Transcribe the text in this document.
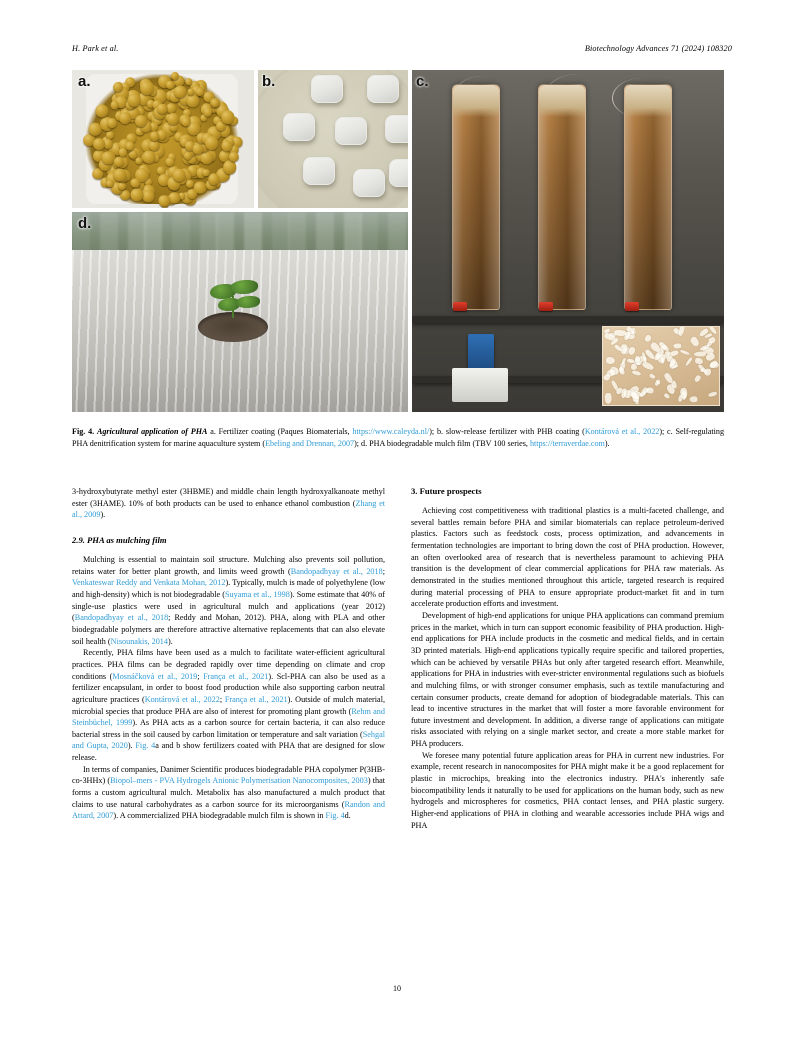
H. Park et al.	Biotechnology Advances 71 (2024) 108320
a.	b.	c.
d.
Fig. 4. Agricultural application of PHA a. Fertilizer coating (Paques Biomaterials, https://www.caleyda.nl/); b. slow-release fertilizer with PHB coating (Kontárová et al., 2022); c. Self-regulating PHA denitrification system for marine aquaculture system (Ebeling and Drennan, 2007); d. PHA biodegradable mulch film (TBV 100 series, https://terraverdae.com).

3-hydroxybutyrate methyl ester (3HBME) and middle chain length hydroxyalkanoate methyl ester (3HAME). 10% of both products can be used to enhance ethanol combustion (Zhang et al., 2009).

2.9. PHA as mulching film

Mulching is essential to maintain soil structure. Mulching also prevents soil pollution, retains water for better plant growth, and limits weed growth (Bandopadhyay et al., 2018; Venkateswar Reddy and Venkata Mohan, 2012). Typically, mulch is made of polyethylene (low and high-density) which is not biodegradable (Suyama et al., 1998). Some estimate that 40% of single-use plastics were used in agricultural mulch and applications (year 2012) (Bandopadhyay et al., 2018; Reddy and Mohan, 2012). PHA, along with PLA and other biodegradable polymers are therefore attractive alternative replacements that can also elevate soil health (Nisounakis, 2014).

Recently, PHA films have been used as a mulch to facilitate water-efficient agricultural practices. PHA films can be degraded rapidly over time depending on climate and crop conditions (Mosnáčková et al., 2019; França et al., 2021). Scl-PHA can also be used as a fertilizer encapsulant, in order to boost food production while also supporting carbon neutral agriculture practices (Kontárová et al., 2022; França et al., 2021). Outside of mulch material, microbial species that produce PHA are also of interest for promoting plant growth (Rehm and Steinbüchel, 1999). As PHA acts as a carbon source for certain bacteria, it can also reduce bacterial stress in the soil caused by carbon limitation or temperature and salt variation (Sehgal and Gupta, 2020). Fig. 4a and b show fertilizers coated with PHA that are designed for slow release.

In terms of companies, Danimer Scientific produces biodegradable PHA copolymer P(3HB-co-3HHx) (Biopol–mers - PVA Hydrogels Anionic Polymerisation Nanocomposites, 2003) that forms a custom agricultural mulch. Metabolix has also manufactured a mulch product that claims to use natural carbohydrates as a carbon source for its microorganisms (Randon and Attard, 2007). A commercialized PHA biodegradable mulch film is shown in Fig. 4d.

3. Future prospects

Achieving cost competitiveness with traditional plastics is a multi-faceted challenge, and several battles remain before PHA and similar biomaterials can replace petroleum-derived plastics. Factors such as feedstock costs, process optimization, and advancements in fermentation technologies are important to bring down the cost of PHA production. However, an often overlooked area of research that is nevertheless paramount to achieving PHA transition is the development of clear commercial applications for PHA raw materials. As demonstrated in the studies mentioned throughout this article, targeted research is required during material processing of PHA to ensure appropriate product-market fit and in turn accelerate production efforts and investment.

Development of high-end applications for unique PHA applications can command premium prices in the market, which in turn can support economic feasibility of PHA production. High-end applications for PHA include products in the cosmetic and medical fields, and in certain 3D printed materials. High-end applications typically require specific and tailored properties, which can be achieved by versatile PHAs but only after targeted research effort. Meanwhile, applications for PHA in industries with ever-stricter environmental regulations such as biofuels and mulching films, or with stronger consumer emphasis, such as textile manufacturing and certain consumer products, create demand for adoption of biodegradable materials. This can lead to incentive structures in the market that will foster a more favorable environment for future investment and development. In addition, a diverse range of applications can mitigate risks associated with relying on a single market sector, and create a more stable market for PHA producers.

We foresee many potential future application areas for PHA in current new industries. For example, recent research in nanocomposites for PHA might make it be a good replacement for plastic in microchips, breaking into the electronics industry. PHA's inherently safe biocompatibility lends it naturally to be used for applications on the human body, such as new hydrogels and microspheres for cosmetics, PHA contact lenses, and PHA plastic surgery. Higher-end applications of PHA in clothing and wearable accessories include PHA wigs and PHA

10
